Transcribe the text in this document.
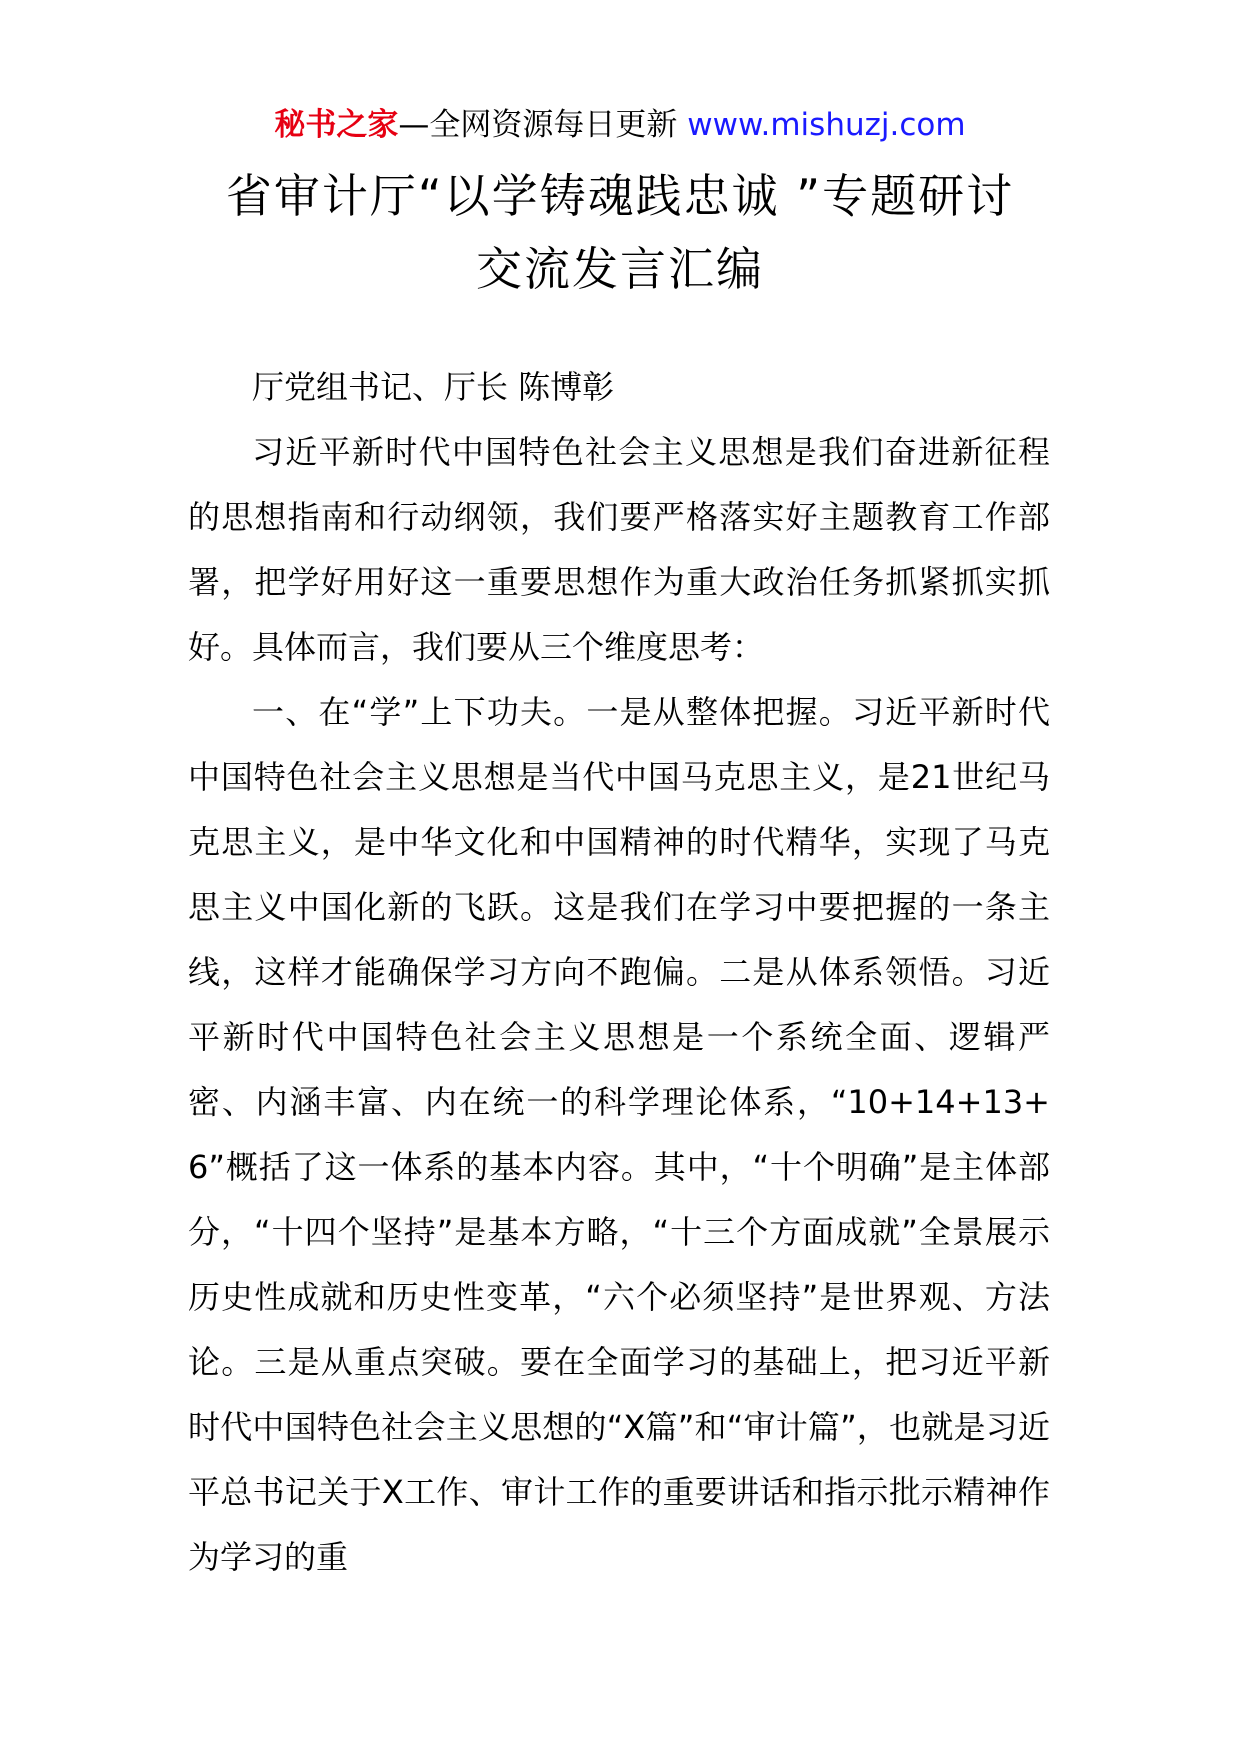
秘书之家—全网资源每日更新 www.mishuzj.com
省审计厅“以学铸魂践忠诚 ”专题研讨
交流发言汇编

厅党组书记、厅长 陈博彰

习近平新时代中国特色社会主义思想是我们奋进新征程的思想指南和行动纲领，我们要严格落实好主题教育工作部署，把学好用好这一重要思想作为重大政治任务抓紧抓实抓好。具体而言，我们要从三个维度思考：

一、在“学”上下功夫。一是从整体把握。习近平新时代中国特色社会主义思想是当代中国马克思主义，是21世纪马克思主义，是中华文化和中国精神的时代精华，实现了马克思主义中国化新的飞跃。这是我们在学习中要把握的一条主线，这样才能确保学习方向不跑偏。二是从体系领悟。习近平新时代中国特色社会主义思想是一个系统全面、逻辑严密、内涵丰富、内在统一的科学理论体系，“10+14+13+6”概括了这一体系的基本内容。其中，“十个明确”是主体部分，“十四个坚持”是基本方略，“十三个方面成就”全景展示历史性成就和历史性变革，“六个必须坚持”是世界观、方法论。三是从重点突破。要在全面学习的基础上，把习近平新时代中国特色社会主义思想的“X篇”和“审计篇”，也就是习近平总书记关于X工作、审计工作的重要讲话和指示批示精神作为学习的重
